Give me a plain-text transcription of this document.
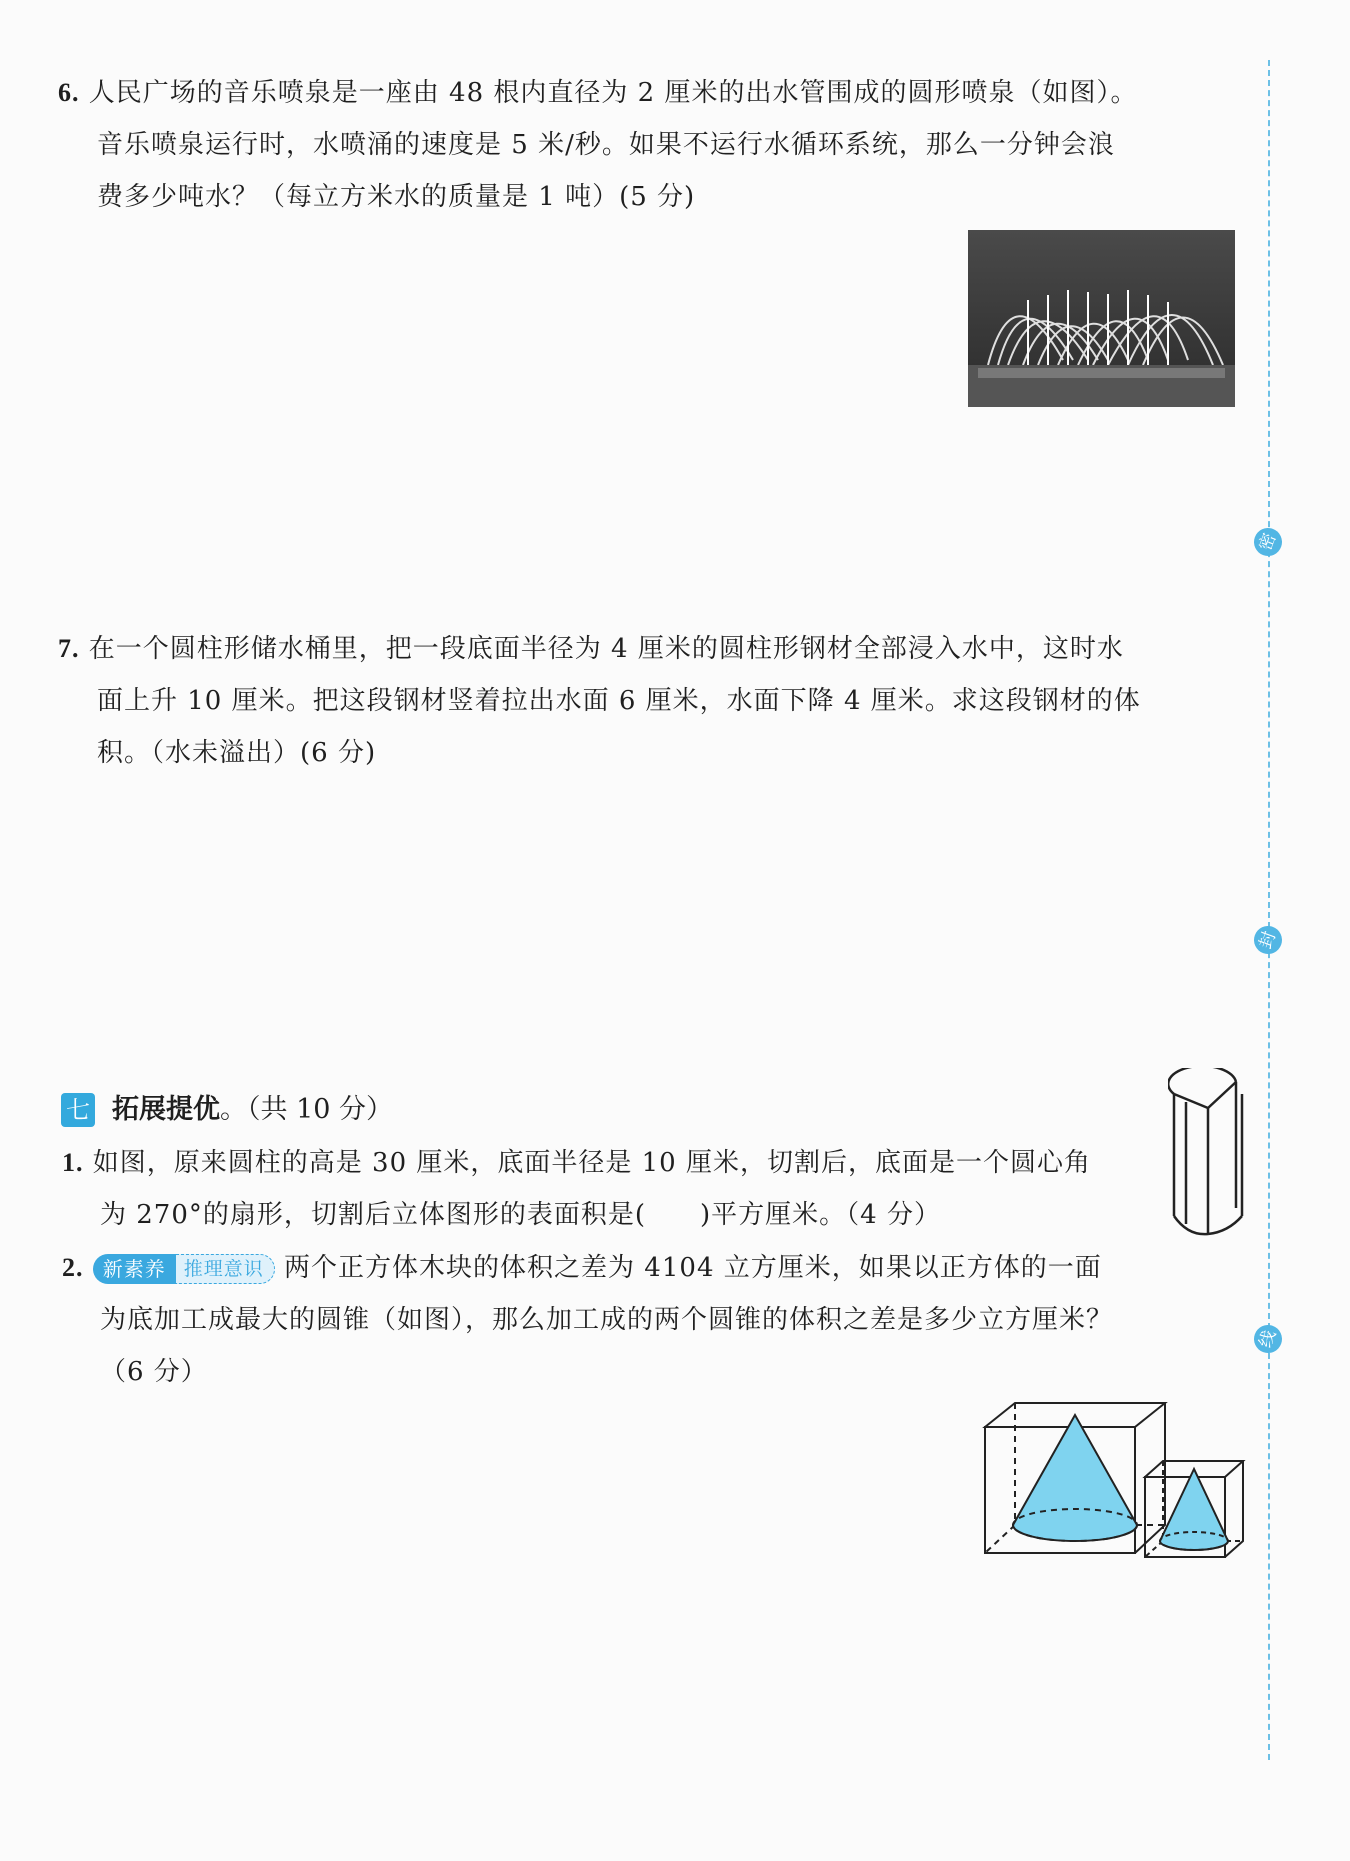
6. 人民广场的音乐喷泉是一座由 48 根内直径为 2 厘米的出水管围成的圆形喷泉（如图）。
音乐喷泉运行时，水喷涌的速度是 5 米/秒。如果不运行水循环系统，那么一分钟会浪
费多少吨水？（每立方米水的质量是 1 吨）(5 分)
7. 在一个圆柱形储水桶里，把一段底面半径为 4 厘米的圆柱形钢材全部浸入水中，这时水
面上升 10 厘米。把这段钢材竖着拉出水面 6 厘米，水面下降 4 厘米。求这段钢材的体
积。（水未溢出）(6 分)
七 拓展提优。（共 10 分）
1. 如图，原来圆柱的高是 30 厘米，底面半径是 10 厘米，切割后，底面是一个圆心角
为 270°的扇形，切割后立体图形的表面积是(　　)平方厘米。（4 分）
2. 新素养 推理意识 两个正方体木块的体积之差为 4104 立方厘米，如果以正方体的一面
为底加工成最大的圆锥（如图），那么加工成的两个圆锥的体积之差是多少立方厘米？
（6 分）
密
封
线
